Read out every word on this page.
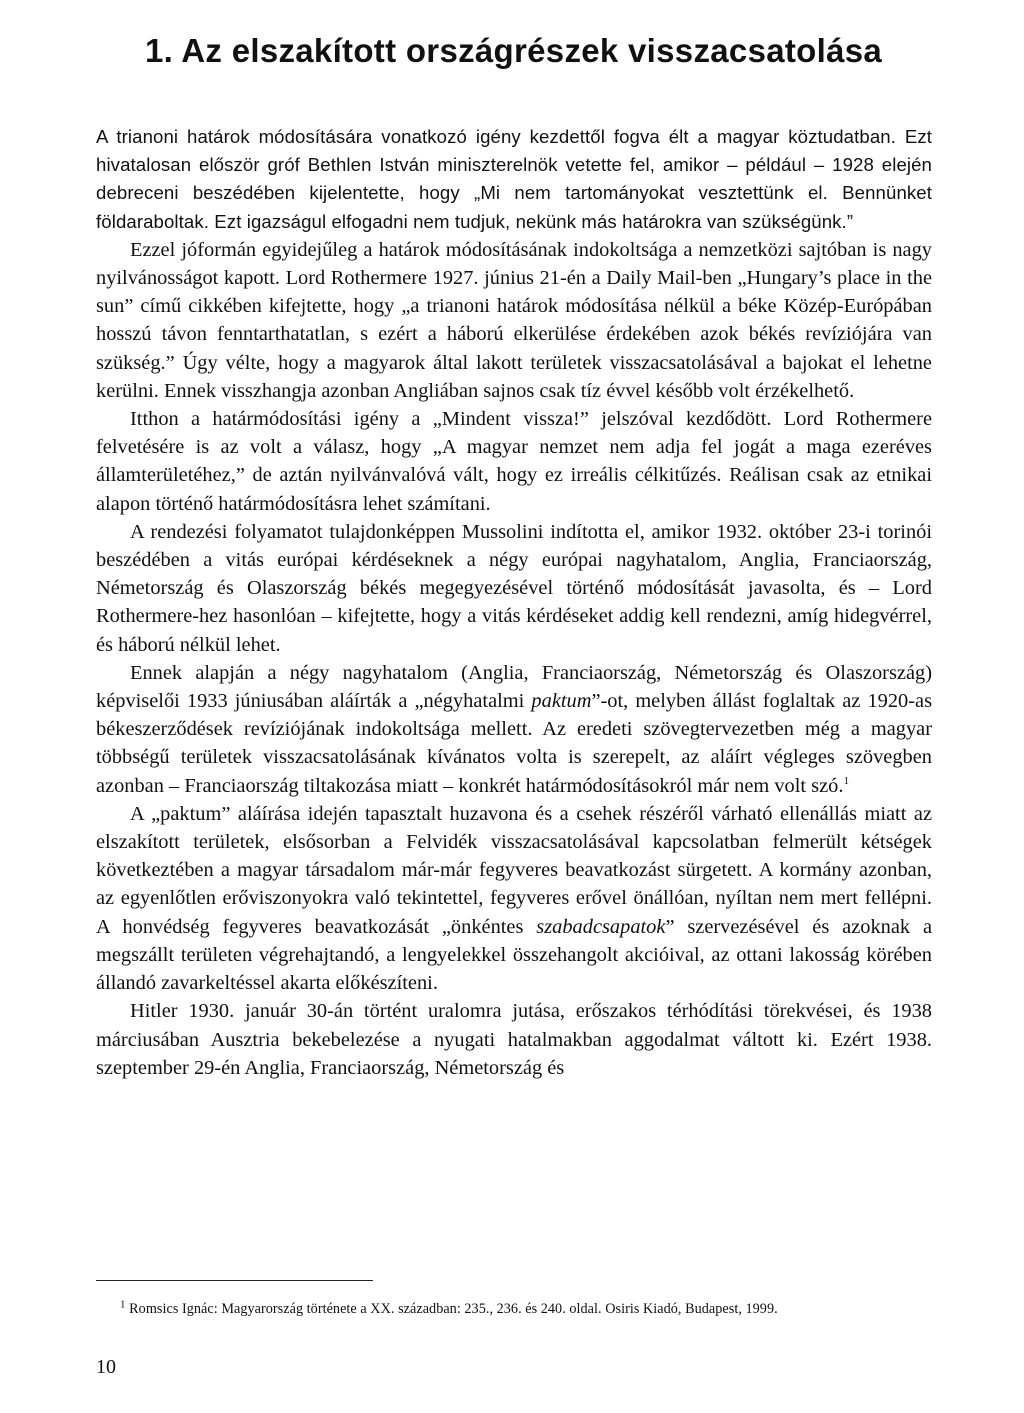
1. Az elszakított országrészek visszacsatolása

A trianoni határok módosítására vonatkozó igény kezdettől fogva élt a magyar köztudatban. Ezt hivatalosan először gróf Bethlen István miniszterelnök vetette fel, amikor – például – 1928 elején debreceni beszédében kijelentette, hogy „Mi nem tartományokat vesztettünk el. Bennünket földaraboltak. Ezt igazságul elfogadni nem tudjuk, nekünk más határokra van szükségünk.”

Ezzel jóformán egyidejűleg a határok módosításának indokoltsága a nemzetközi sajtóban is nagy nyilvánosságot kapott. Lord Rothermere 1927. június 21-én a Daily Mail-ben „Hungary’s place in the sun” című cikkében kifejtette, hogy „a trianoni határok módosítása nélkül a béke Közép-Európában hosszú távon fenntarthatatlan, s ezért a háború elkerülése érdekében azok békés revíziójára van szükség.” Úgy vélte, hogy a magyarok által lakott területek visszacsatolásával a bajokat el lehetne kerülni. Ennek visszhangja azonban Angliában sajnos csak tíz évvel később volt érzékelhető.

Itthon a határmódosítási igény a „Mindent vissza!” jelszóval kezdődött. Lord Rothermere felvetésére is az volt a válasz, hogy „A magyar nemzet nem adja fel jogát a maga ezeréves államterületéhez,” de aztán nyilvánvalóvá vált, hogy ez irreális célkitűzés. Reálisan csak az etnikai alapon történő határmódosításra lehet számítani.

A rendezési folyamatot tulajdonképpen Mussolini indította el, amikor 1932. október 23-i torinói beszédében a vitás európai kérdéseknek a négy európai nagyhatalom, Anglia, Franciaország, Németország és Olaszország békés megegyezésével történő módosítását javasolta, és – Lord Rothermere-hez hasonlóan – kifejtette, hogy a vitás kérdéseket addig kell rendezni, amíg hidegvérrel, és háború nélkül lehet.

Ennek alapján a négy nagyhatalom (Anglia, Franciaország, Németország és Olaszország) képviselői 1933 júniusában aláírták a „négyhatalmi paktum”-ot, melyben állást foglaltak az 1920-as békeszerződések revíziójának indokoltsága mellett. Az eredeti szövegtervezetben még a magyar többségű területek visszacsatolásának kívánatos volta is szerepelt, az aláírt végleges szövegben azonban – Franciaország tiltakozása miatt – konkrét határmódosításokról már nem volt szó.$^1$

A „paktum” aláírása idején tapasztalt huzavona és a csehek részéről várható ellenállás miatt az elszakított területek, elsősorban a Felvidék visszacsatolásával kapcsolatban felmerült kétségek következtében a magyar társadalom már-már fegyveres beavatkozást sürgetett. A kormány azonban, az egyenlőtlen erőviszonyokra való tekintettel, fegyveres erővel önállóan, nyíltan nem mert fellépni. A honvédség fegyveres beavatkozását „önkéntes szabadcsapatok” szervezésével és azoknak a megszállt területen végrehajtandó, a lengyelekkel összehangolt akcióival, az ottani lakosság körében állandó zavarkeltéssel akarta előkészíteni.

Hitler 1930. január 30-án történt uralomra jutása, erőszakos térhódítási törekvései, és 1938 márciusában Ausztria bekebelezése a nyugati hatalmakban aggodalmat váltott ki. Ezért 1938. szeptember 29-én Anglia, Franciaország, Németország és

$^1$ Romsics Ignác: Magyarország története a XX. században: 235., 236. és 240. oldal. Osiris Kiadó, Budapest, 1999.
10
